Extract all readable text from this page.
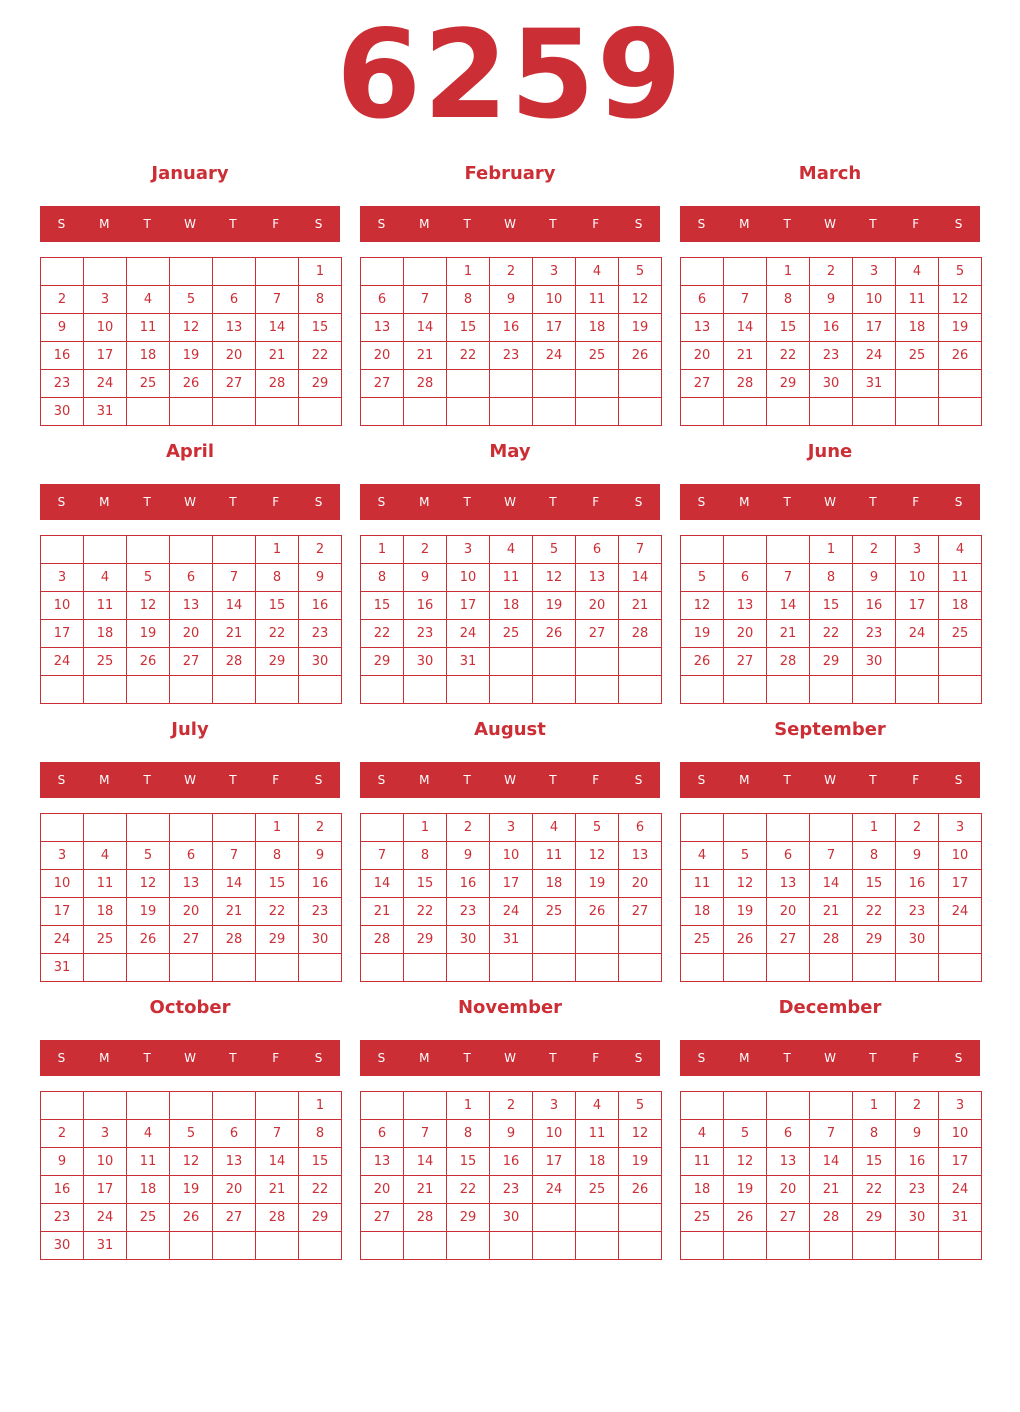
6259
January
S	M	T	W	T	F	S
						1
2	3	4	5	6	7	8
9	10	11	12	13	14	15
16	17	18	19	20	21	22
23	24	25	26	27	28	29
30	31					
February
S	M	T	W	T	F	S
		1	2	3	4	5
6	7	8	9	10	11	12
13	14	15	16	17	18	19
20	21	22	23	24	25	26
27	28					

March
S	M	T	W	T	F	S
		1	2	3	4	5
6	7	8	9	10	11	12
13	14	15	16	17	18	19
20	21	22	23	24	25	26
27	28	29	30	31		

April
S	M	T	W	T	F	S
					1	2
3	4	5	6	7	8	9
10	11	12	13	14	15	16
17	18	19	20	21	22	23
24	25	26	27	28	29	30

May
S	M	T	W	T	F	S
1	2	3	4	5	6	7
8	9	10	11	12	13	14
15	16	17	18	19	20	21
22	23	24	25	26	27	28
29	30	31				

June
S	M	T	W	T	F	S
			1	2	3	4
5	6	7	8	9	10	11
12	13	14	15	16	17	18
19	20	21	22	23	24	25
26	27	28	29	30		

July
S	M	T	W	T	F	S
					1	2
3	4	5	6	7	8	9
10	11	12	13	14	15	16
17	18	19	20	21	22	23
24	25	26	27	28	29	30
31						
August
S	M	T	W	T	F	S
	1	2	3	4	5	6
7	8	9	10	11	12	13
14	15	16	17	18	19	20
21	22	23	24	25	26	27
28	29	30	31			

September
S	M	T	W	T	F	S
				1	2	3
4	5	6	7	8	9	10
11	12	13	14	15	16	17
18	19	20	21	22	23	24
25	26	27	28	29	30	

October
S	M	T	W	T	F	S
						1
2	3	4	5	6	7	8
9	10	11	12	13	14	15
16	17	18	19	20	21	22
23	24	25	26	27	28	29
30	31					
November
S	M	T	W	T	F	S
		1	2	3	4	5
6	7	8	9	10	11	12
13	14	15	16	17	18	19
20	21	22	23	24	25	26
27	28	29	30			

December
S	M	T	W	T	F	S
				1	2	3
4	5	6	7	8	9	10
11	12	13	14	15	16	17
18	19	20	21	22	23	24
25	26	27	28	29	30	31
